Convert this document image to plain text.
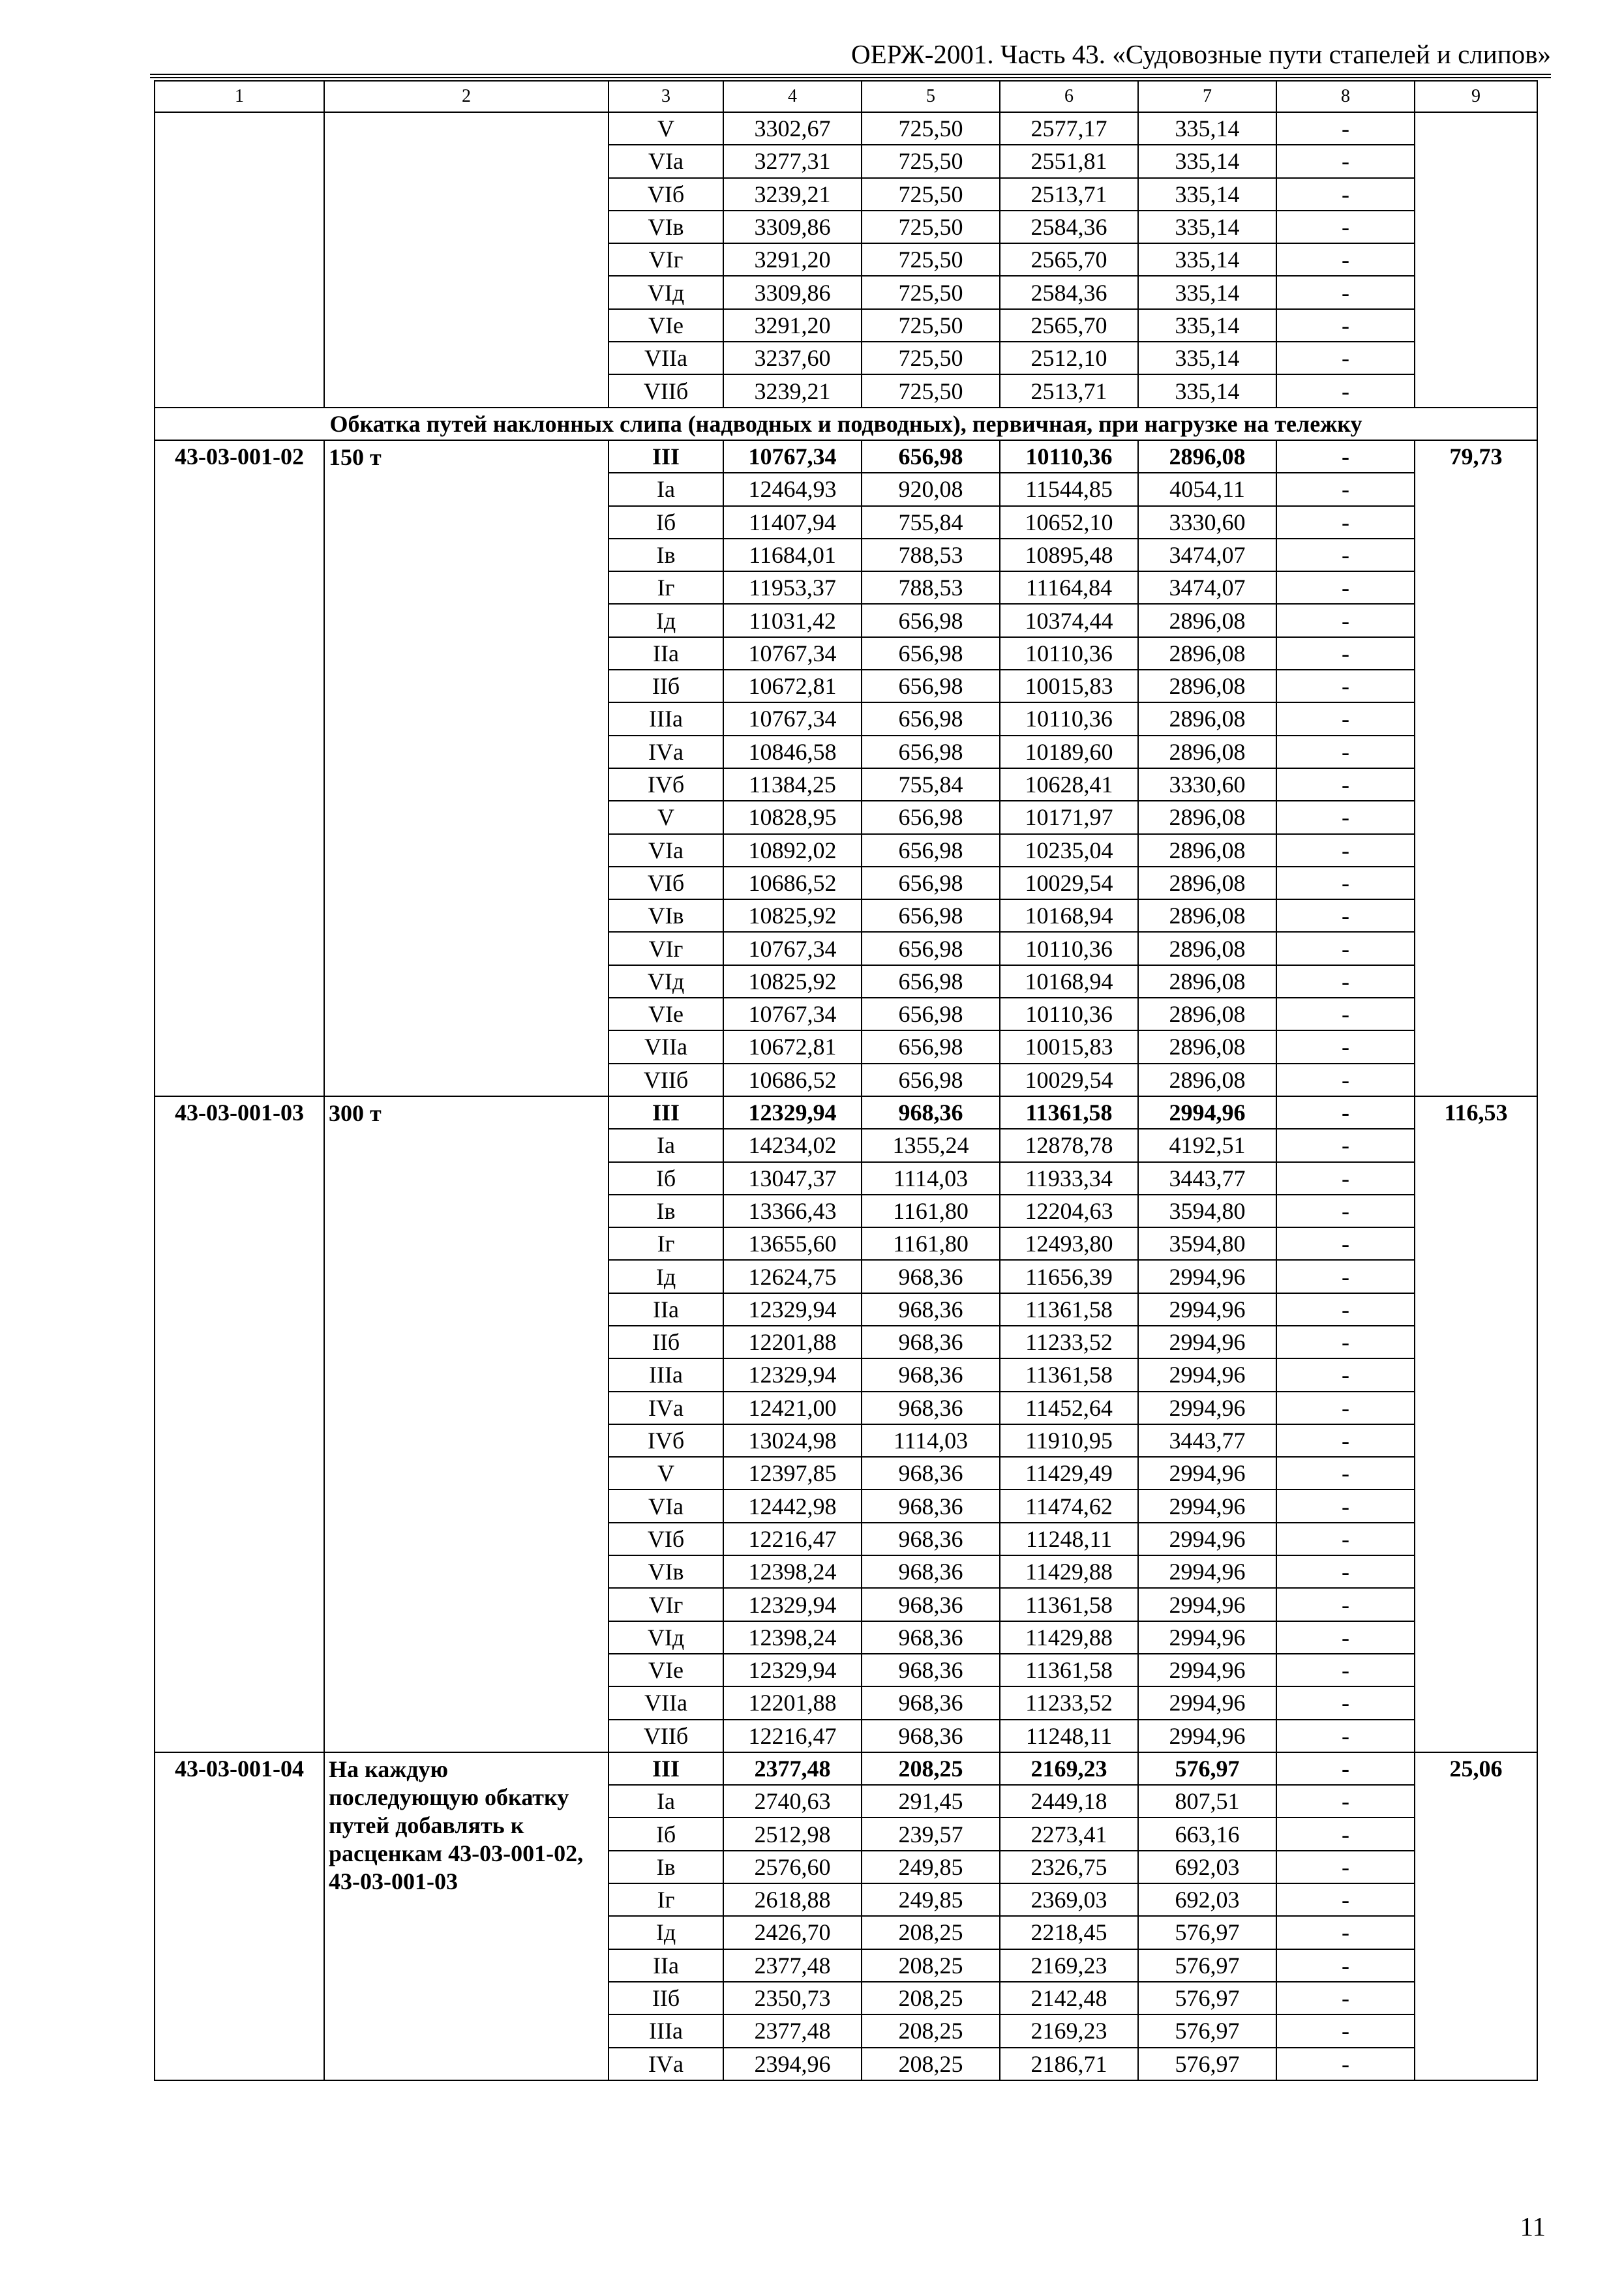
ОЕРЖ-2001. Часть 43. «Судовозные пути стапелей и слипов»
1	2	3	4	5	6	7	8	9
		V	3302,67	725,50	2577,17	335,14	-	
		VIа	3277,31	725,50	2551,81	335,14	-	
		VIб	3239,21	725,50	2513,71	335,14	-	
		VIв	3309,86	725,50	2584,36	335,14	-	
		VIг	3291,20	725,50	2565,70	335,14	-	
		VIд	3309,86	725,50	2584,36	335,14	-	
		VIе	3291,20	725,50	2565,70	335,14	-	
		VIIа	3237,60	725,50	2512,10	335,14	-	
		VIIб	3239,21	725,50	2513,71	335,14	-	
Обкатка путей наклонных слипа (надводных и подводных), первичная, при нагрузке на тележку								
43-03-001-02	150 т	III	10767,34	656,98	10110,36	2896,08	-	79,73
		Iа	12464,93	920,08	11544,85	4054,11	-	
		Iб	11407,94	755,84	10652,10	3330,60	-	
		Iв	11684,01	788,53	10895,48	3474,07	-	
		Iг	11953,37	788,53	11164,84	3474,07	-	
		Iд	11031,42	656,98	10374,44	2896,08	-	
		IIа	10767,34	656,98	10110,36	2896,08	-	
		IIб	10672,81	656,98	10015,83	2896,08	-	
		IIIа	10767,34	656,98	10110,36	2896,08	-	
		IVа	10846,58	656,98	10189,60	2896,08	-	
		IVб	11384,25	755,84	10628,41	3330,60	-	
		V	10828,95	656,98	10171,97	2896,08	-	
		VIа	10892,02	656,98	10235,04	2896,08	-	
		VIб	10686,52	656,98	10029,54	2896,08	-	
		VIв	10825,92	656,98	10168,94	2896,08	-	
		VIг	10767,34	656,98	10110,36	2896,08	-	
		VIд	10825,92	656,98	10168,94	2896,08	-	
		VIе	10767,34	656,98	10110,36	2896,08	-	
		VIIа	10672,81	656,98	10015,83	2896,08	-	
		VIIб	10686,52	656,98	10029,54	2896,08	-	
43-03-001-03	300 т	III	12329,94	968,36	11361,58	2994,96	-	116,53
		Iа	14234,02	1355,24	12878,78	4192,51	-	
		Iб	13047,37	1114,03	11933,34	3443,77	-	
		Iв	13366,43	1161,80	12204,63	3594,80	-	
		Iг	13655,60	1161,80	12493,80	3594,80	-	
		Iд	12624,75	968,36	11656,39	2994,96	-	
		IIа	12329,94	968,36	11361,58	2994,96	-	
		IIб	12201,88	968,36	11233,52	2994,96	-	
		IIIа	12329,94	968,36	11361,58	2994,96	-	
		IVа	12421,00	968,36	11452,64	2994,96	-	
		IVб	13024,98	1114,03	11910,95	3443,77	-	
		V	12397,85	968,36	11429,49	2994,96	-	
		VIа	12442,98	968,36	11474,62	2994,96	-	
		VIб	12216,47	968,36	11248,11	2994,96	-	
		VIв	12398,24	968,36	11429,88	2994,96	-	
		VIг	12329,94	968,36	11361,58	2994,96	-	
		VIд	12398,24	968,36	11429,88	2994,96	-	
		VIе	12329,94	968,36	11361,58	2994,96	-	
		VIIа	12201,88	968,36	11233,52	2994,96	-	
		VIIб	12216,47	968,36	11248,11	2994,96	-	
43-03-001-04	На каждую последующую обкатку путей добавлять к расценкам 43-03-001-02, 43-03-001-03	III	2377,48	208,25	2169,23	576,97	-	25,06
		Iа	2740,63	291,45	2449,18	807,51	-	
		Iб	2512,98	239,57	2273,41	663,16	-	
		Iв	2576,60	249,85	2326,75	692,03	-	
		Iг	2618,88	249,85	2369,03	692,03	-	
		Iд	2426,70	208,25	2218,45	576,97	-	
		IIа	2377,48	208,25	2169,23	576,97	-	
		IIб	2350,73	208,25	2142,48	576,97	-	
		IIIа	2377,48	208,25	2169,23	576,97	-	
		IVа	2394,96	208,25	2186,71	576,97	-	
11
